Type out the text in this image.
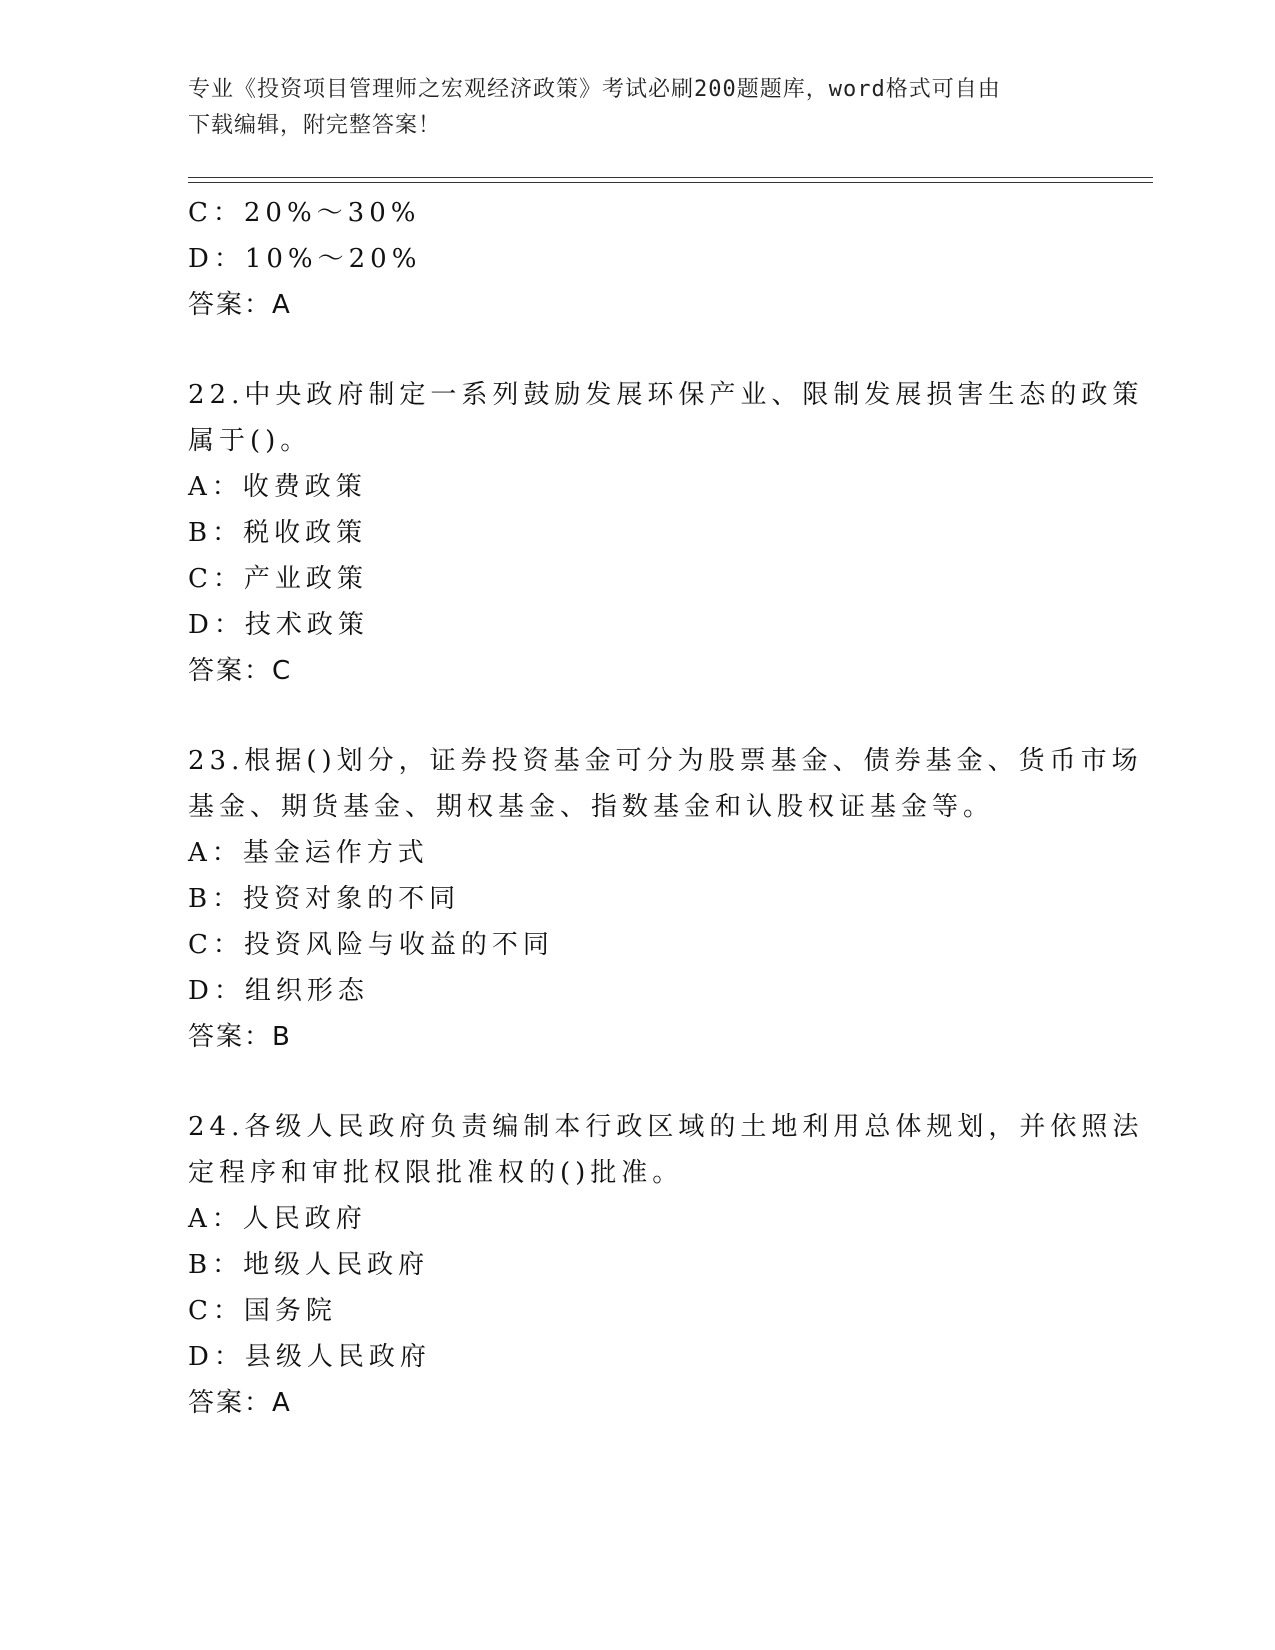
专业《投资项目管理师之宏观经济政策》考试必刷200题题库，word格式可自由
下载编辑，附完整答案！
C：20%～30%
D：10%～20%
答案：A
22.中央政府制定一系列鼓励发展环保产业、限制发展损害生态的政策
属于()。
A：收费政策
B：税收政策
C：产业政策
D：技术政策
答案：C
23.根据()划分，证券投资基金可分为股票基金、债券基金、货币市场
基金、期货基金、期权基金、指数基金和认股权证基金等。
A：基金运作方式
B：投资对象的不同
C：投资风险与收益的不同
D：组织形态
答案：B
24.各级人民政府负责编制本行政区域的土地利用总体规划，并依照法
定程序和审批权限批准权的()批准。
A：人民政府
B：地级人民政府
C：国务院
D：县级人民政府
答案：A
